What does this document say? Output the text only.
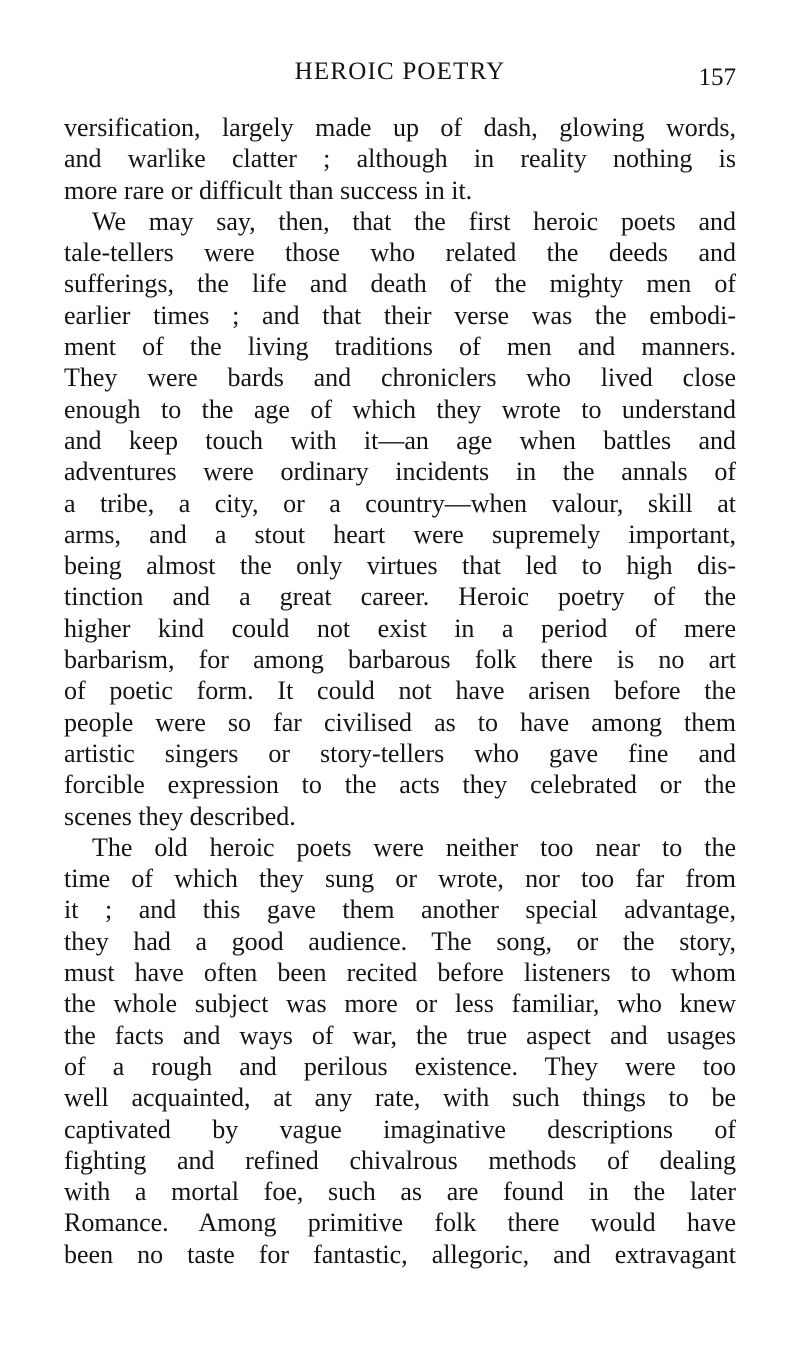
HEROIC POETRY	157
versification, largely made up of dash, glowing words,
and warlike clatter ; although in reality nothing is
more rare or difficult than success in it.
We may say, then, that the first heroic poets and
tale-tellers were those who related the deeds and
sufferings, the life and death of the mighty men of
earlier times ; and that their verse was the embodi-
ment of the living traditions of men and manners.
They were bards and chroniclers who lived close
enough to the age of which they wrote to understand
and keep touch with it—an age when battles and
adventures were ordinary incidents in the annals of
a tribe, a city, or a country—when valour, skill at
arms, and a stout heart were supremely important,
being almost the only virtues that led to high dis-
tinction and a great career. Heroic poetry of the
higher kind could not exist in a period of mere
barbarism, for among barbarous folk there is no art
of poetic form. It could not have arisen before the
people were so far civilised as to have among them
artistic singers or story-tellers who gave fine and
forcible expression to the acts they celebrated or the
scenes they described.
The old heroic poets were neither too near to the
time of which they sung or wrote, nor too far from
it ; and this gave them another special advantage,
they had a good audience. The song, or the story,
must have often been recited before listeners to whom
the whole subject was more or less familiar, who knew
the facts and ways of war, the true aspect and usages
of a rough and perilous existence. They were too
well acquainted, at any rate, with such things to be
captivated by vague imaginative descriptions of
fighting and refined chivalrous methods of dealing
with a mortal foe, such as are found in the later
Romance. Among primitive folk there would have
been no taste for fantastic, allegoric, and extravagant
